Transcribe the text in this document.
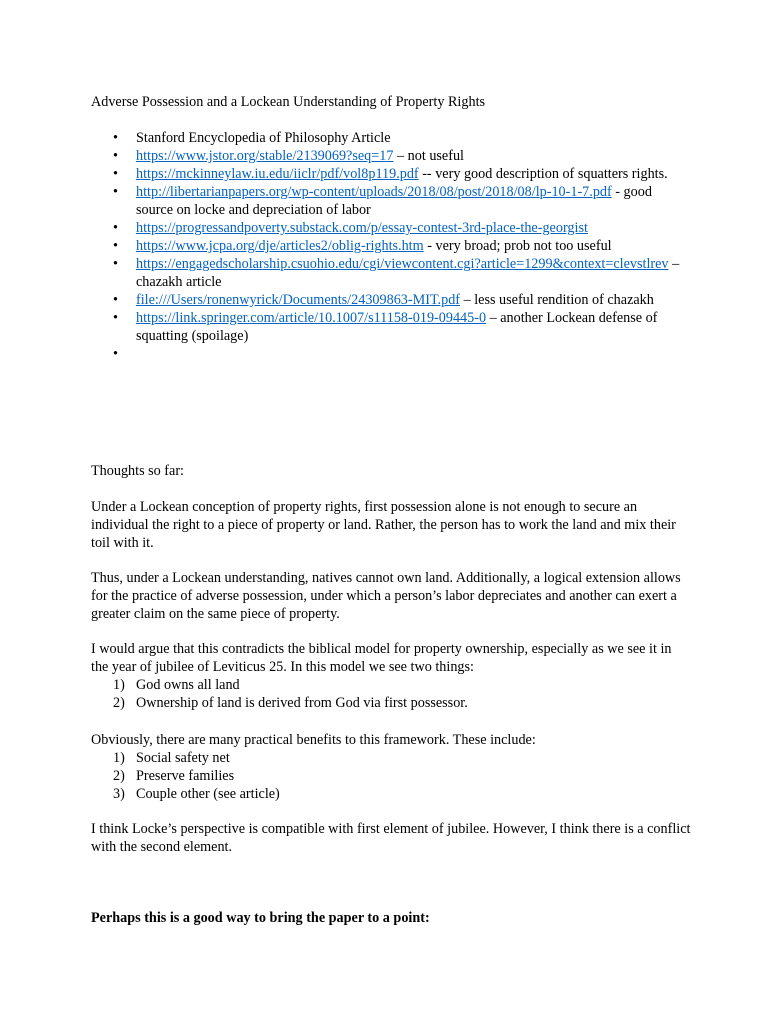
Adverse Possession and a Lockean Understanding of Property Rights
• Stanford Encyclopedia of Philosophy Article
• https://www.jstor.org/stable/2139069?seq=17 – not useful
• https://mckinneylaw.iu.edu/iiclr/pdf/vol8p119.pdf -- very good description of squatters rights.
• http://libertarianpapers.org/wp-content/uploads/2018/08/post/2018/08/lp-10-1-7.pdf - good source on locke and depreciation of labor
• https://progressandpoverty.substack.com/p/essay-contest-3rd-place-the-georgist
• https://www.jcpa.org/dje/articles2/oblig-rights.htm - very broad; prob not too useful
• https://engagedscholarship.csuohio.edu/cgi/viewcontent.cgi?article=1299&context=clevstlrev – chazakh article
• file:///Users/ronenwyrick/Documents/24309863-MIT.pdf – less useful rendition of chazakh
• https://link.springer.com/article/10.1007/s11158-019-09445-0 – another Lockean defense of squatting (spoilage)
•
Thoughts so far:

Under a Lockean conception of property rights, first possession alone is not enough to secure an individual the right to a piece of property or land. Rather, the person has to work the land and mix their toil with it.

Thus, under a Lockean understanding, natives cannot own land. Additionally, a logical extension allows for the practice of adverse possession, under which a person’s labor depreciates and another can exert a greater claim on the same piece of property.

I would argue that this contradicts the biblical model for property ownership, especially as we see it in the year of jubilee of Leviticus 25. In this model we see two things:

1) God owns all land
2) Ownership of land is derived from God via first possessor.

Obviously, there are many practical benefits to this framework. These include:

1) Social safety net
2) Preserve families
3) Couple other (see article)

I think Locke’s perspective is compatible with first element of jubilee. However, I think there is a conflict with the second element.

Perhaps this is a good way to bring the paper to a point:
